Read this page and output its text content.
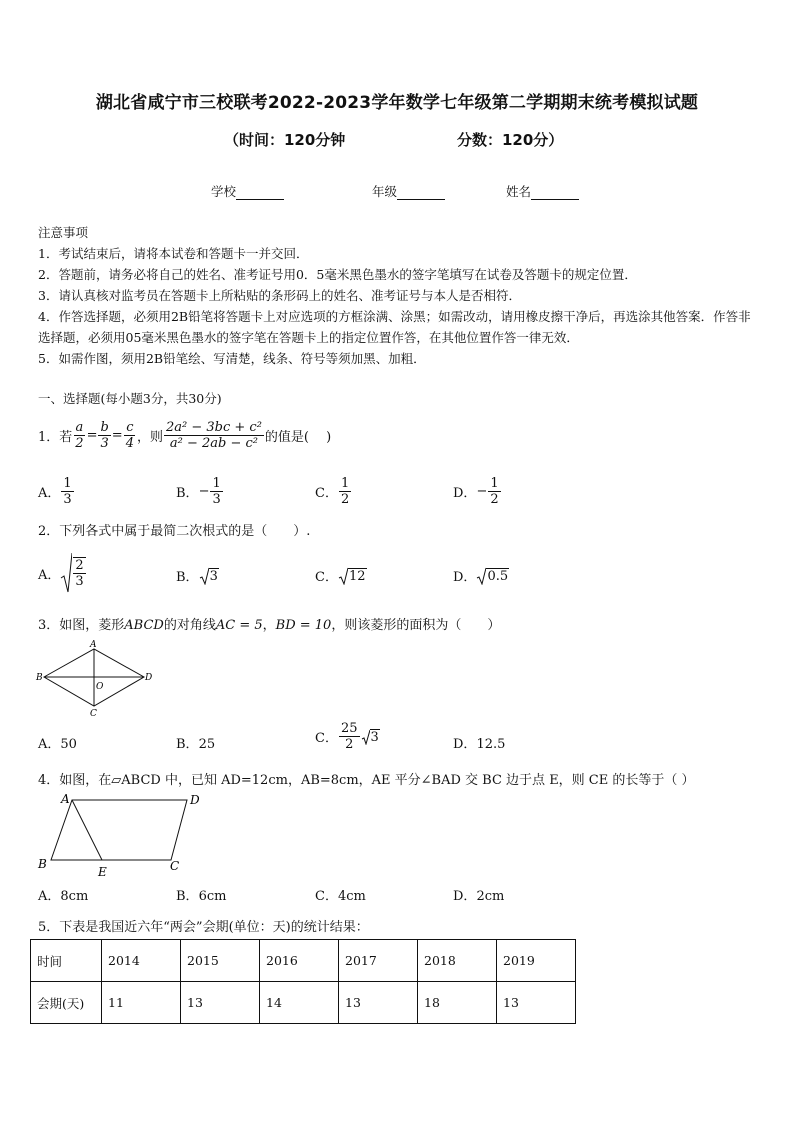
湖北省咸宁市三校联考2022-2023学年数学七年级第二学期期末统考模拟试题
（时间：120分钟	分数：120分）
学校	年级	姓名

注意事项

1．考试结束后，请将本试卷和答题卡一并交回．

2．答题前，请务必将自己的姓名、准考证号用0．5毫米黑色墨水的签字笔填写在试卷及答题卡的规定位置．

3．请认真核对监考员在答题卡上所粘贴的条形码上的姓名、准考证号与本人是否相符．

4．作答选择题，必须用2B铅笔将答题卡上对应选项的方框涂满、涂黑；如需改动，请用橡皮擦干净后，再选涂其他答案．作答非选择题，必须用05毫米黑色墨水的签字笔在答题卡上的指定位置作答，在其他位置作答一律无效．

5．如需作图，须用2B铅笔绘、写清楚，线条、符号等须加黑、加粗．

一、选择题(每小题3分，共30分)
1．若 $\frac{a}{2} = \frac{b}{3} = \frac{c}{4}$ ，则 $\frac{\text{2a² − 3bc + c²}}{\text{a² − 2ab − c²}}$ 的值是(　 )
A． $\frac{1}{3}$	B． − $\frac{1}{3}$	C． $\frac{1}{2}$	D． − $\frac{1}{2}$
2．下列各式中属于最简二次根式的是（　　）.
A． $\frac{2}{3}$	B． 3	C． 12	D． 0.5
3．如图，菱形ABCD的对角线AC = 5，BD = 10，则该菱形的面积为（　　）
A
B	D
C
O
A．50	B．25	C． $\frac{25}{2} 3$	D．12.5
4．如图，在▱ABCD 中，已知 AD=12cm，AB=8cm，AE 平分∠BAD 交 BC 边于点 E，则 CE 的长等于（ ）
A	D
B	C
E
A．8cm	B．6cm	C．4cm	D．2cm
5．下表是我国近六年“两会”会期(单位：天)的统计结果：
时间	2014	2015	2016	2017	2018	2019
会期(天)	11	13	14	13	18	13
